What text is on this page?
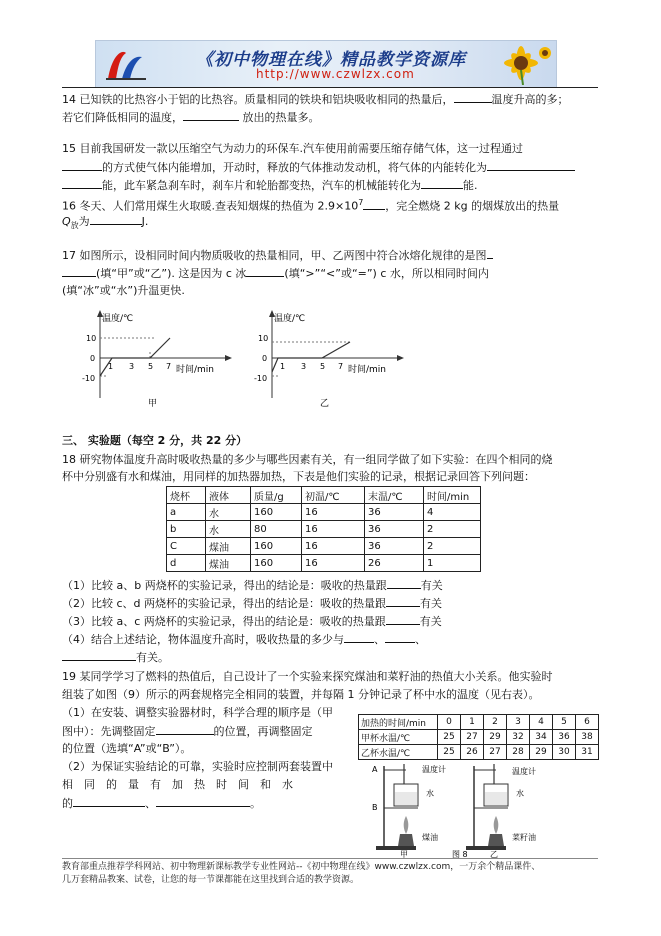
《初中物理在线》精品教学资源库
http://www.czwlzx.com
14 已知铁的比热容小于铝的比热容。质量相同的铁块和铝块吸收相同的热量后，	温度升高的多；
若它们降低相同的温度，	放出的热量多。
15 目前我国研发一款以压缩空气为动力的环保车.汽车使用前需要压缩存储气体，这一过程通过
的方式使气体内能增加，开动时，释放的气体推动发动机，将气体的内能转化为
能，此车紧急刹车时，刹车片和轮胎都变热，汽车的机械能转化为	能.
16 冬天、人们常用煤生火取暖.查表知烟煤的热值为 $2.9\times 10^7$ ，完全燃烧 2 kg 的烟煤放出的热量
$Q_放$为	J.
17 如图所示，设相同时间内物质吸收的热量相同，甲、乙两图中符合冰熔化规律的是图
(填“甲”或“乙”). 这是因为 c 冰	(填“>”“<”或“=”) c 水，所以相同时间内
(填“冰”或“水”)升温更快.
温度/℃
时间/min
10
0
-10
1 3 5 7
甲
温度/℃
时间/min
10
0
-10
1 3 5 7
乙
三、 实验题（每空 2 分，共 22 分）
18 研究物体温度升高时吸收热量的多少与哪些因素有关，有一组同学做了如下实验：在四个相同的烧
杯中分别盛有水和煤油，用同样的加热器加热，下表是他们实验的记录，根据记录回答下列问题：
烧杯	液体	质量/g	初温/℃	末温/℃	时间/min
a	水	160	16	36	4
b	水	80	16	36	2
C	煤油	160	16	36	2
d	煤油	160	16	26	1
（1）比较 a、b 两烧杯的实验记录，得出的结论是：吸收的热量跟	有关
（2）比较 c、d 两烧杯的实验记录，得出的结论是：吸收的热量跟	有关
（3）比较 a、c 两烧杯的实验记录，得出的结论是：吸收的热量跟	有关
（4）结合上述结论，物体温度升高时，吸收热量的多少与	、	、
有关。
19 某同学学习了燃料的热值后，自己设计了一个实验来探究煤油和菜籽油的热值大小关系。他实验时
组装了如图（9）所示的两套规格完全相同的装置，并每隔 1 分钟记录了杯中水的温度（见右表）。
（1）在安装、调整实验器材时，科学合理的顺序是（甲
图中）：先调整固定	的位置，再调整固定
的位置（选填“A”或“B”）。
（2）为保证实验结论的可靠，实验时应控制两套装置中
相　同　的　量　有　加　热　时　间　和　水
的	、	。
加热的时间/min	0	1	2	3	4	5	6
甲杯水温/℃	25	27	29	32	34	36	38
乙杯水温/℃	25	26	27	28	29	30	31
A
B
温度计
水
煤油
甲
温度计
水
菜籽油
乙
图 8
教育部重点推荐学科网站、初中物理新课标教学专业性网站--《初中物理在线》www.czwlzx.com，一万余个精品课件、
几万套精品教案、试卷，让您的每一节课都能在这里找到合适的教学资源。
